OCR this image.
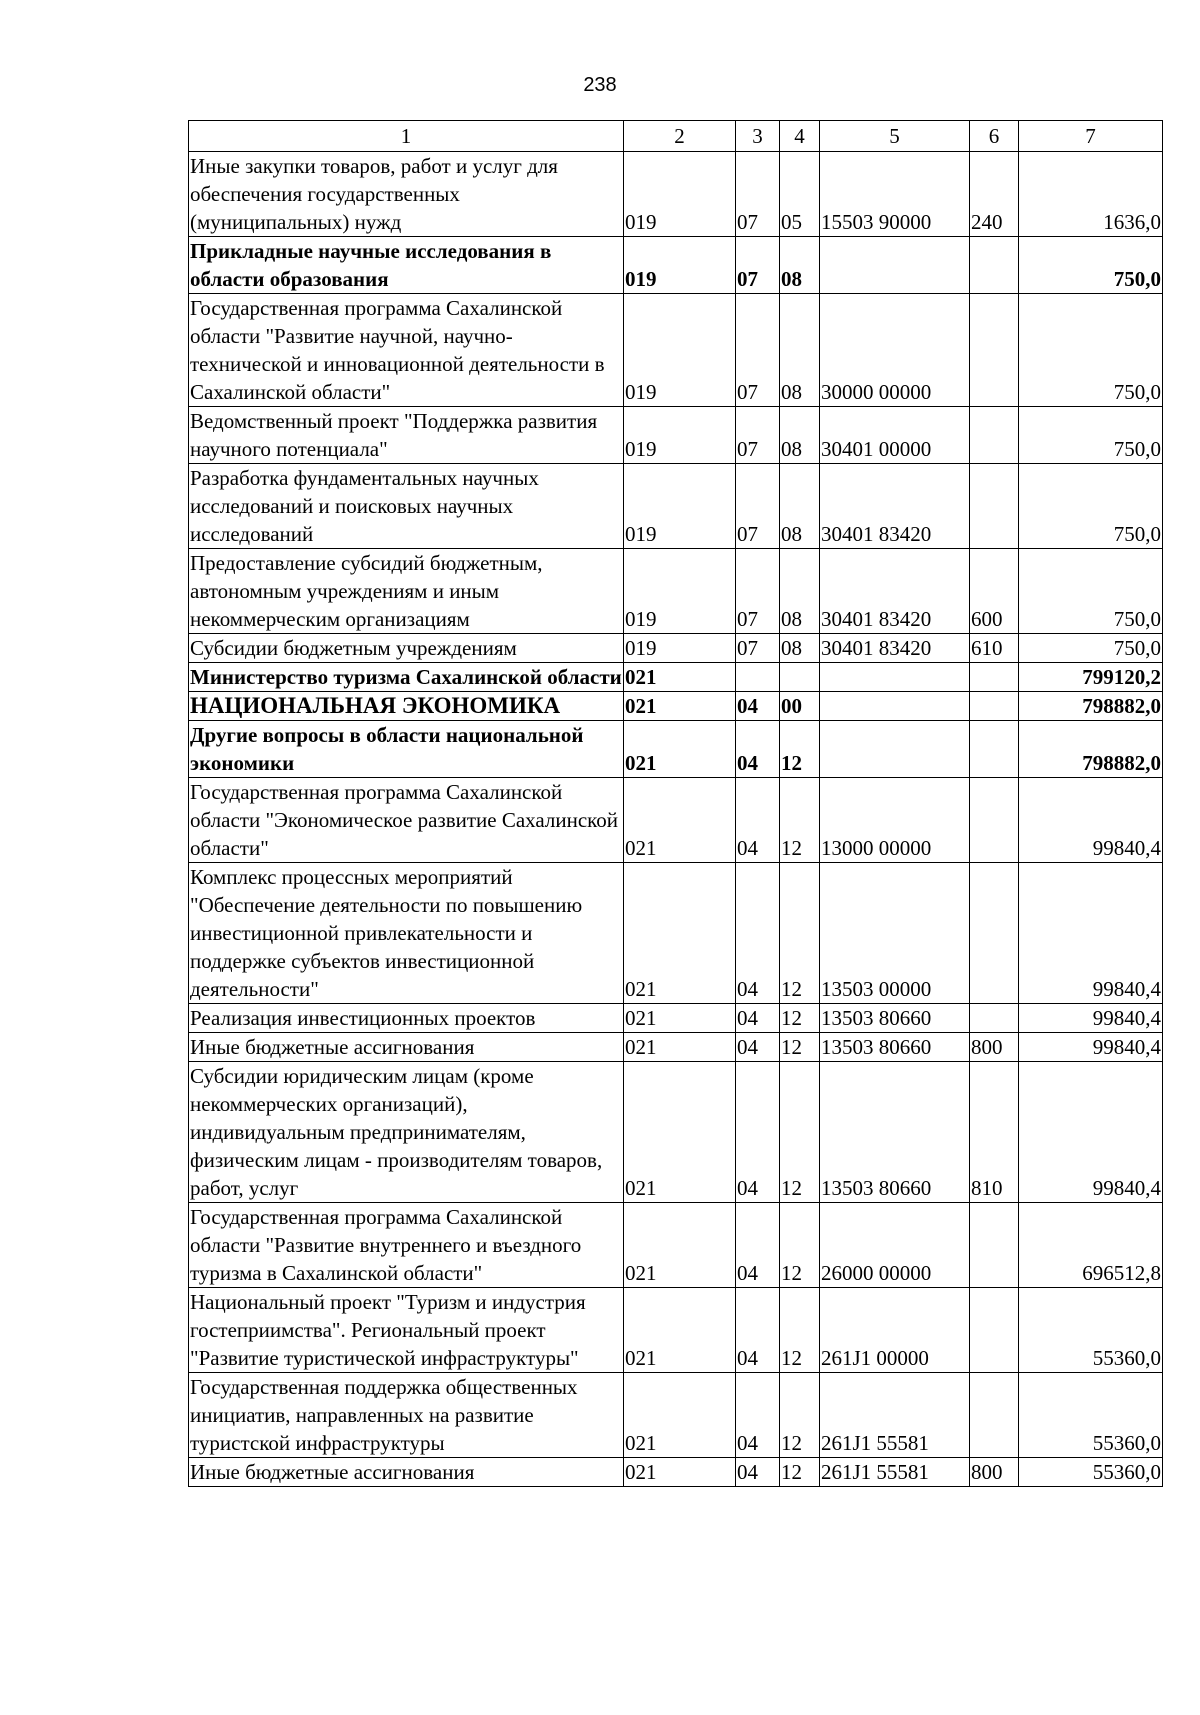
238
1	2	3	4	5	6	7
Иные закупки товаров, работ и услуг для обеспечения государственных (муниципальных) нужд	019	07	05	15503 90000	240	1636,0
Прикладные научные исследования в области образования	019	07	08			750,0
Государственная программа Сахалинской области "Развитие научной, научно-технической и инновационной деятельности в Сахалинской области"	019	07	08	30000 00000		750,0
Ведомственный проект "Поддержка развития научного потенциала"	019	07	08	30401 00000		750,0
Разработка фундаментальных научных исследований и поисковых научных исследований	019	07	08	30401 83420		750,0
Предоставление субсидий бюджетным, автономным учреждениям и иным некоммерческим организациям	019	07	08	30401 83420	600	750,0
Субсидии бюджетным учреждениям	019	07	08	30401 83420	610	750,0
Министерство туризма Сахалинской области	021					799120,2
НАЦИОНАЛЬНАЯ ЭКОНОМИКА	021	04	00			798882,0
Другие вопросы в области национальной экономики	021	04	12			798882,0
Государственная программа Сахалинской области "Экономическое развитие Сахалинской области"	021	04	12	13000 00000		99840,4
Комплекс процессных мероприятий "Обеспечение деятельности по повышению инвестиционной привлекательности и поддержке субъектов инвестиционной деятельности"	021	04	12	13503 00000		99840,4
Реализация инвестиционных проектов	021	04	12	13503 80660		99840,4
Иные бюджетные ассигнования	021	04	12	13503 80660	800	99840,4
Субсидии юридическим лицам (кроме некоммерческих организаций), индивидуальным предпринимателям, физическим лицам - производителям товаров, работ, услуг	021	04	12	13503 80660	810	99840,4
Государственная программа Сахалинской области "Развитие внутреннего и въездного туризма в Сахалинской области"	021	04	12	26000 00000		696512,8
Национальный проект "Туризм и индустрия гостеприимства". Региональный проект "Развитие туристической инфраструктуры"	021	04	12	261J1 00000		55360,0
Государственная поддержка общественных инициатив, направленных на развитие туристской инфраструктуры	021	04	12	261J1 55581		55360,0
Иные бюджетные ассигнования	021	04	12	261J1 55581	800	55360,0
